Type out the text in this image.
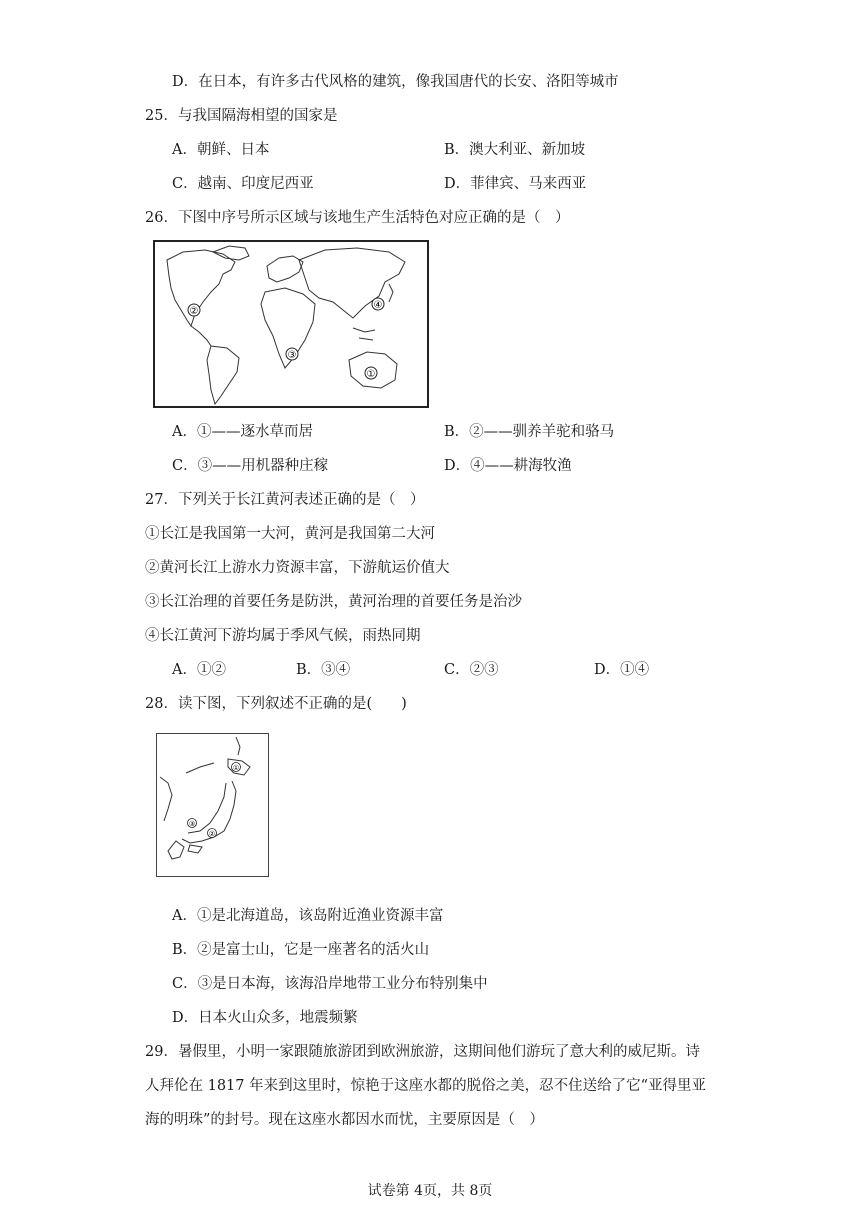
D．在日本，有许多古代风格的建筑，像我国唐代的长安、洛阳等城市
25．与我国隔海相望的国家是
A．朝鲜、日本	B．澳大利亚、新加坡
C．越南、印度尼西亚	D．菲律宾、马来西亚
26．下图中序号所示区域与该地生产生活特色对应正确的是（　）
②
③
④
①
A．①——逐水草而居	B．②——驯养羊驼和骆马
C．③——用机器种庄稼	D．④——耕海牧渔
27．下列关于长江黄河表述正确的是（　）
①长江是我国第一大河，黄河是我国第二大河
②黄河长江上游水力资源丰富，下游航运价值大
③长江治理的首要任务是防洪，黄河治理的首要任务是治沙
④长江黄河下游均属于季风气候，雨热同期
A．①②	B．③④	C．②③	D．①④
28．读下图，下列叙述不正确的是(　　)
①
②
③
A．①是北海道岛，该岛附近渔业资源丰富
B．②是富士山，它是一座著名的活火山
C．③是日本海，该海沿岸地带工业分布特别集中
D．日本火山众多，地震频繁
29．暑假里，小明一家跟随旅游团到欧洲旅游，这期间他们游玩了意大利的威尼斯。诗
人拜伦在 1817 年来到这里时，惊艳于这座水都的脱俗之美，忍不住送给了它“亚得里亚
海的明珠”的封号。现在这座水都因水而忧，主要原因是（　）
试卷第 4页，共 8页
